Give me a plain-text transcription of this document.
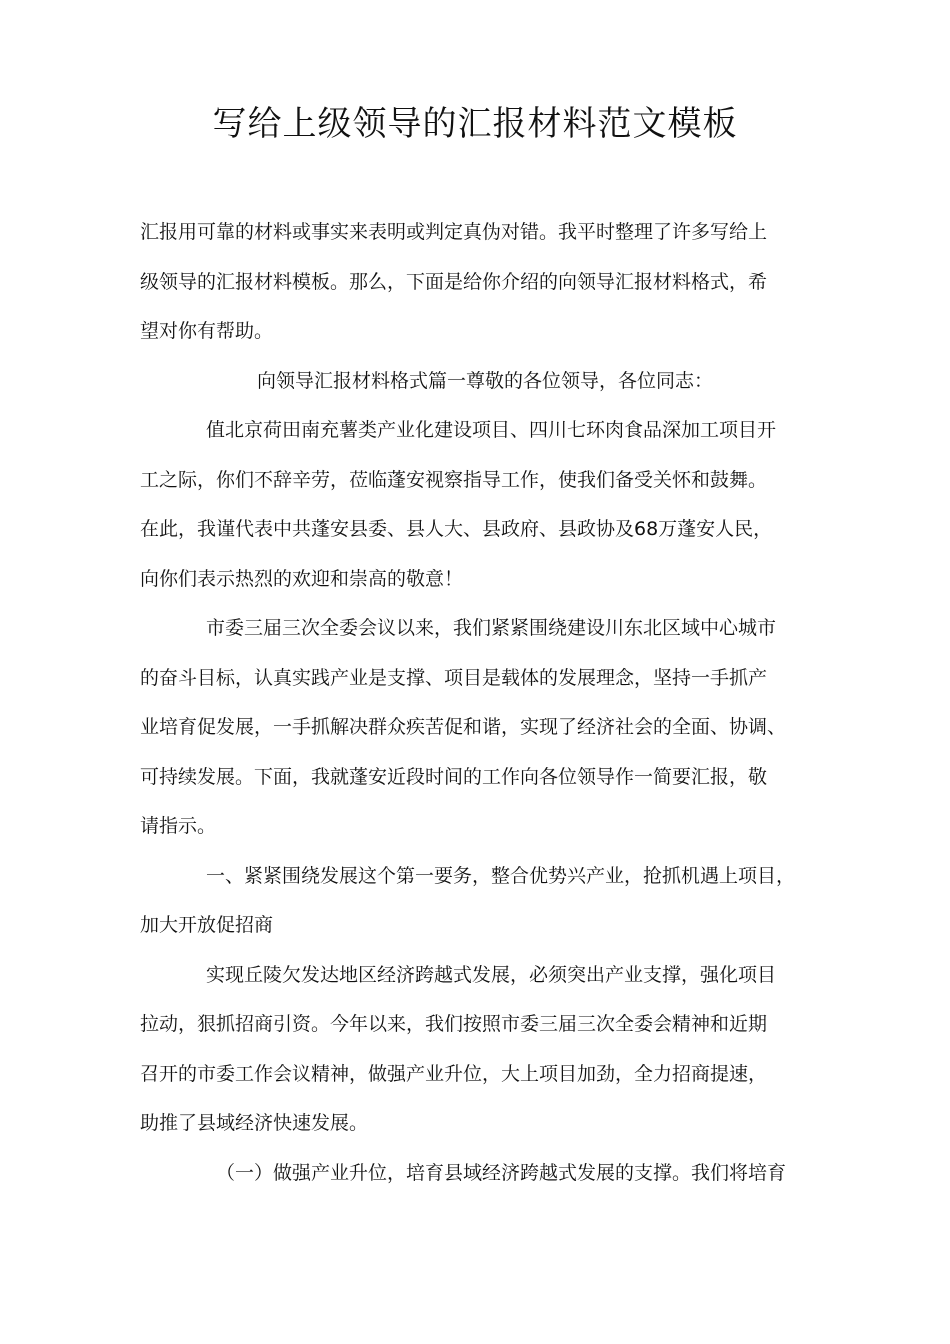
写给上级领导的汇报材料范文模板
汇报用可靠的材料或事实来表明或判定真伪对错。我平时整理了许多写给上
级领导的汇报材料模板。那么，下面是给你介绍的向领导汇报材料格式，希
望对你有帮助。
向领导汇报材料格式篇一尊敬的各位领导，各位同志：
值北京荷田南充薯类产业化建设项目、四川七环肉食品深加工项目开
工之际，你们不辞辛劳，莅临蓬安视察指导工作，使我们备受关怀和鼓舞。
在此，我谨代表中共蓬安县委、县人大、县政府、县政协及68万蓬安人民，
向你们表示热烈的欢迎和崇高的敬意！
市委三届三次全委会议以来，我们紧紧围绕建设川东北区域中心城市
的奋斗目标，认真实践产业是支撑、项目是载体的发展理念，坚持一手抓产
业培育促发展，一手抓解决群众疾苦促和谐，实现了经济社会的全面、协调、
可持续发展。下面，我就蓬安近段时间的工作向各位领导作一简要汇报，敬
请指示。
一、紧紧围绕发展这个第一要务，整合优势兴产业，抢抓机遇上项目，
加大开放促招商
实现丘陵欠发达地区经济跨越式发展，必须突出产业支撑，强化项目
拉动，狠抓招商引资。今年以来，我们按照市委三届三次全委会精神和近期
召开的市委工作会议精神，做强产业升位，大上项目加劲，全力招商提速，
助推了县域经济快速发展。
（一）做强产业升位，培育县域经济跨越式发展的支撑。我们将培育
